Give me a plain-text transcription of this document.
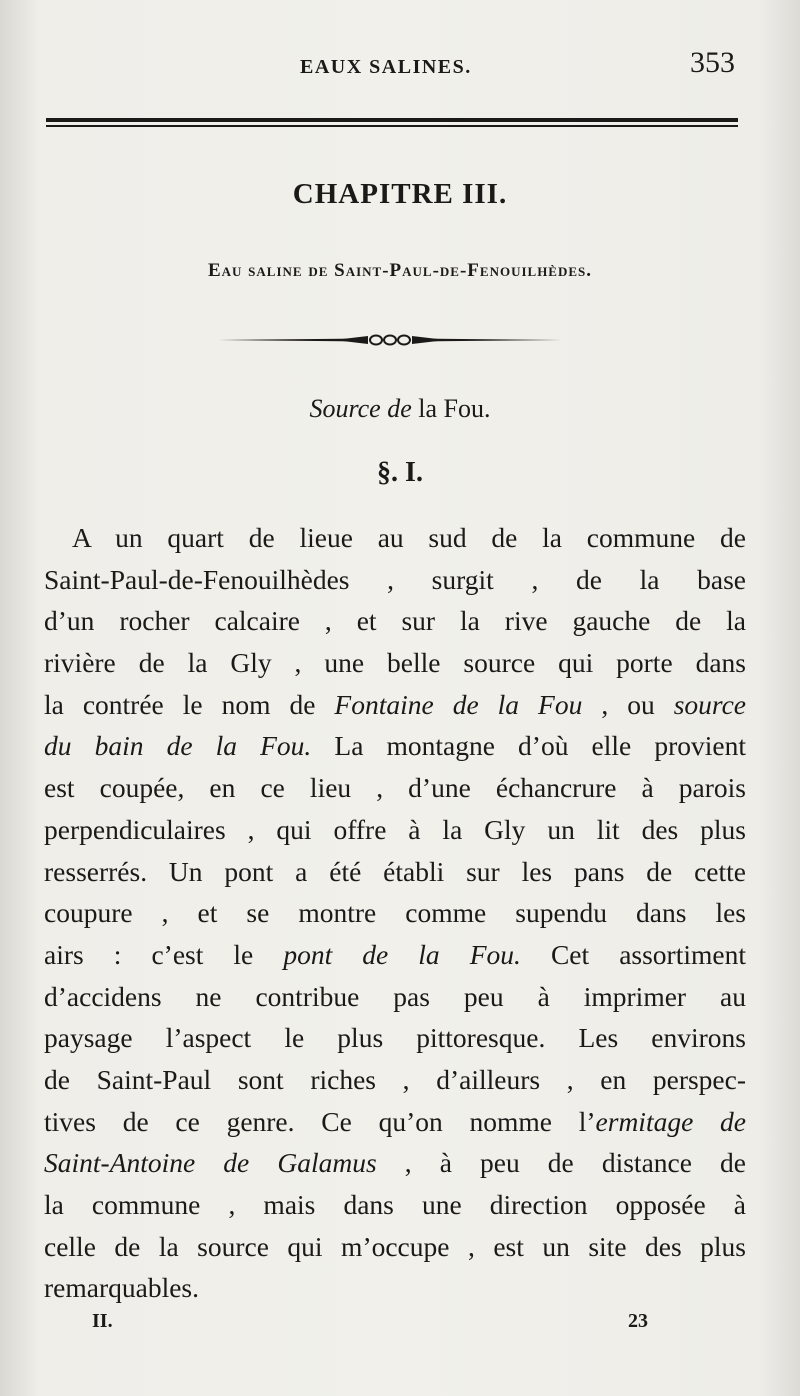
EAUX SALINES.	353
CHAPITRE III.
Eau saline de Saint-Paul-de-Fenouilhèdes.
Source de la Fou.
§. I.
A un quart de lieue au sud de la commune de
Saint-Paul-de-Fenouilhèdes , surgit , de la base
d’un rocher calcaire , et sur la rive gauche de la
rivière de la Gly , une belle source qui porte dans
la contrée le nom de Fontaine de la Fou , ou source
du bain de la Fou. La montagne d’où elle provient
est coupée, en ce lieu , d’une échancrure à parois
perpendiculaires , qui offre à la Gly un lit des plus
resserrés. Un pont a été établi sur les pans de cette
coupure , et se montre comme supendu dans les
airs : c’est le pont de la Fou. Cet assortiment
d’accidens ne contribue pas peu à imprimer au
paysage l’aspect le plus pittoresque. Les environs
de Saint-Paul sont riches , d’ailleurs , en perspec-
tives de ce genre. Ce qu’on nomme l’ermitage de
Saint-Antoine de Galamus , à peu de distance de
la commune , mais dans une direction opposée à
celle de la source qui m’occupe , est un site des plus
remarquables.
II.	23
